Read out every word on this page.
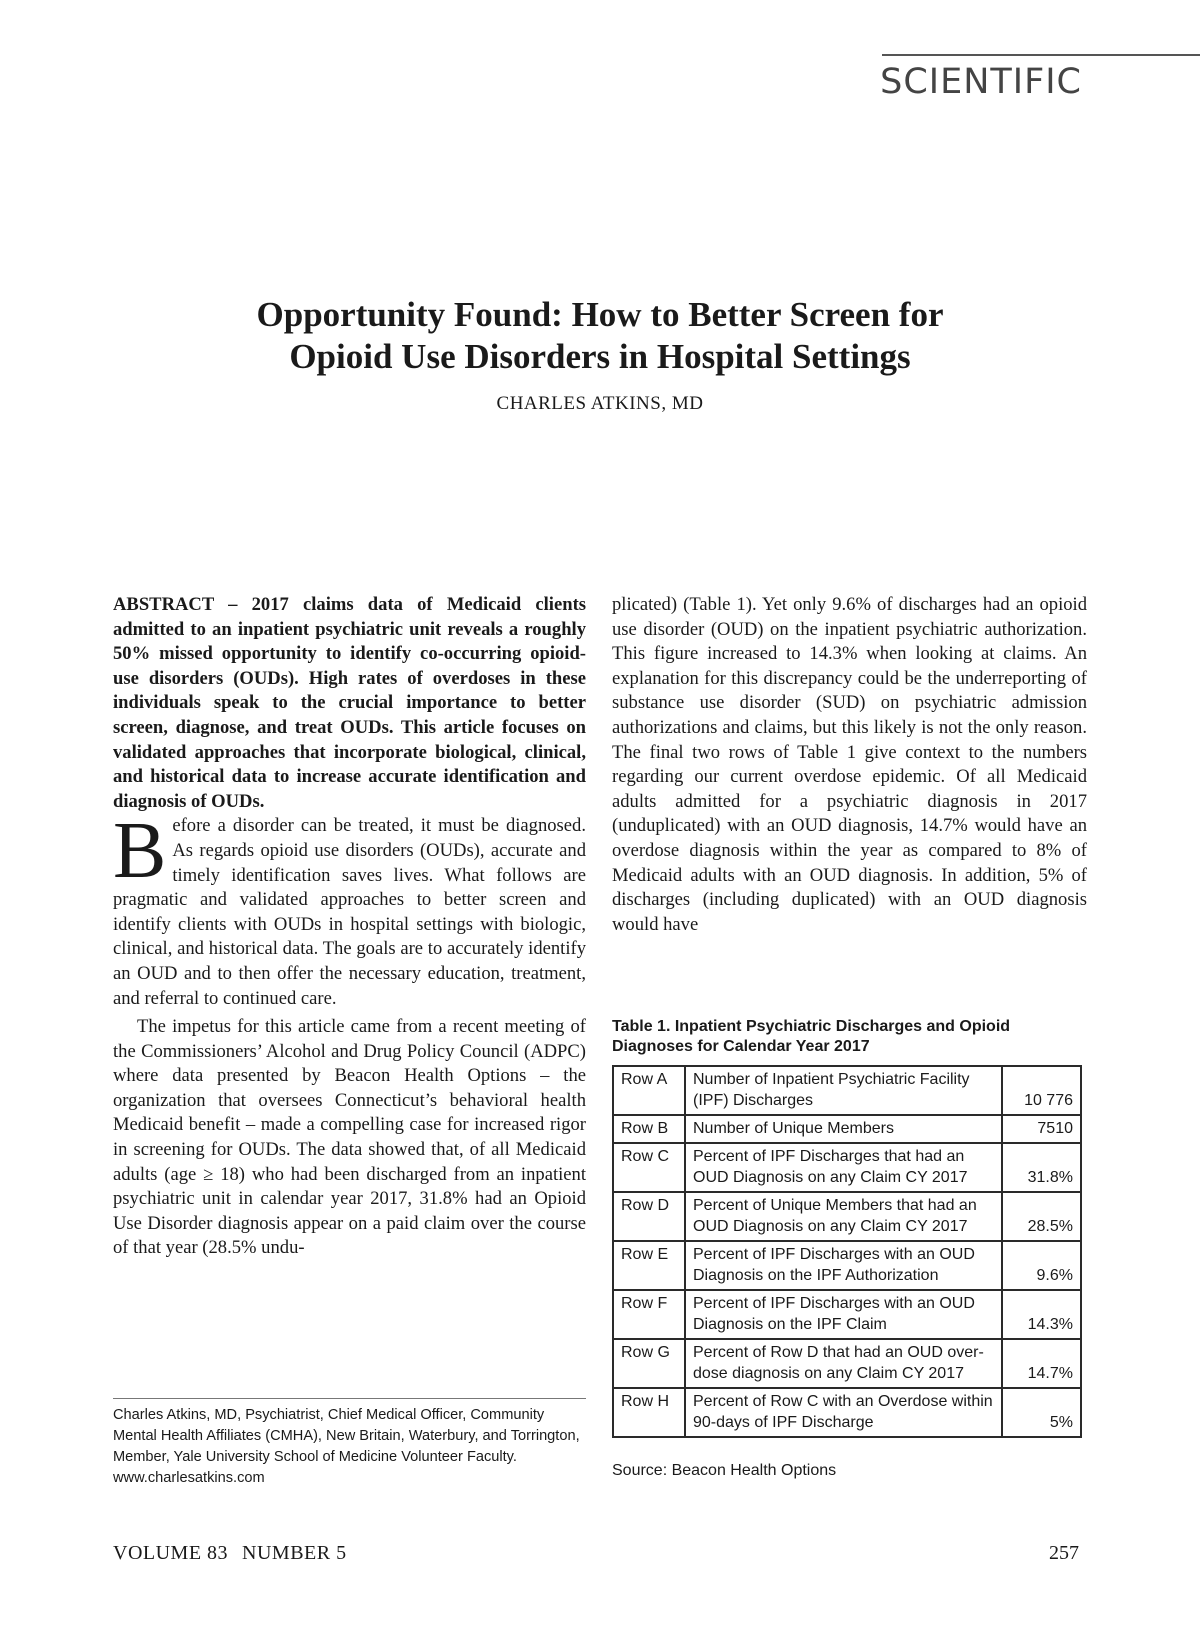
SCIENTIFIC
Opportunity Found: How to Better Screen for
Opioid Use Disorders in Hospital Settings
CHARLES ATKINS, MD

ABSTRACT – 2017 claims data of Medicaid clients admitted to an inpatient psychiatric unit reveals a roughly 50% missed opportunity to identify co-occurring opioid-use disorders (OUDs). High rates of overdoses in these individuals speak to the crucial importance to better screen, diagnose, and treat OUDs. This article focuses on validated approaches that incorporate biological, clinical, and historical data to increase accurate identification and diagnosis of OUDs.

Before a disorder can be treated, it must be diagnosed. As regards opioid use disorders (OUDs), accurate and timely identification saves lives. What follows are pragmatic and validated approaches to better screen and identify clients with OUDs in hospital settings with biologic, clinical, and historical data. The goals are to accurately identify an OUD and to then offer the necessary education, treatment, and referral to continued care.

The impetus for this article came from a recent meeting of the Commissioners’ Alcohol and Drug Policy Council (ADPC) where data presented by Beacon Health Options – the organization that oversees Connecticut’s behavioral health Medicaid benefit – made a compelling case for increased rigor in screening for OUDs. The data showed that, of all Medicaid adults (age ≥ 18) who had been discharged from an inpatient psychiatric unit in calendar year 2017, 31.8% had an Opioid Use Disorder diagnosis appear on a paid claim over the course of that year (28.5% undu-

plicated) (Table 1). Yet only 9.6% of discharges had an opioid use disorder (OUD) on the inpatient psychiatric authorization. This figure increased to 14.3% when looking at claims. An explanation for this discrepancy could be the underreporting of substance use disorder (SUD) on psychiatric admission authorizations and claims, but this likely is not the only reason. The final two rows of Table 1 give context to the numbers regarding our current overdose epidemic. Of all Medicaid adults admitted for a psychiatric diagnosis in 2017 (unduplicated) with an OUD diagnosis, 14.7% would have an overdose diagnosis within the year as compared to 8% of Medicaid adults with an OUD diagnosis. In addition, 5% of discharges (including duplicated) with an OUD diagnosis would have

Charles Atkins, MD, Psychiatrist, Chief Medical Officer, Community Mental Health Affiliates (CMHA), New Britain, Waterbury, and Torrington, Member, Yale University School of Medicine Volunteer Faculty. www.charlesatkins.com

Table 1. Inpatient Psychiatric Discharges and Opioid Diagnoses for Calendar Year 2017
Row A	Number of Inpatient Psychiatric Facility (IPF) Discharges	10 776
Row B	Number of Unique Members	7510
Row C	Percent of IPF Discharges that had an OUD Diagnosis on any Claim CY 2017	31.8%
Row D	Percent of Unique Members that had an OUD Diagnosis on any Claim CY 2017	28.5%
Row E	Percent of IPF Discharges with an OUD Diagnosis on the IPF Authorization	9.6%
Row F	Percent of IPF Discharges with an OUD Diagnosis on the IPF Claim	14.3%
Row G	Percent of Row D that had an OUD over-dose diagnosis on any Claim CY 2017	14.7%
Row H	Percent of Row C with an Overdose within 90-days of IPF Discharge	5%
Source: Beacon Health Options
VOLUME 83 NUMBER 5	257
